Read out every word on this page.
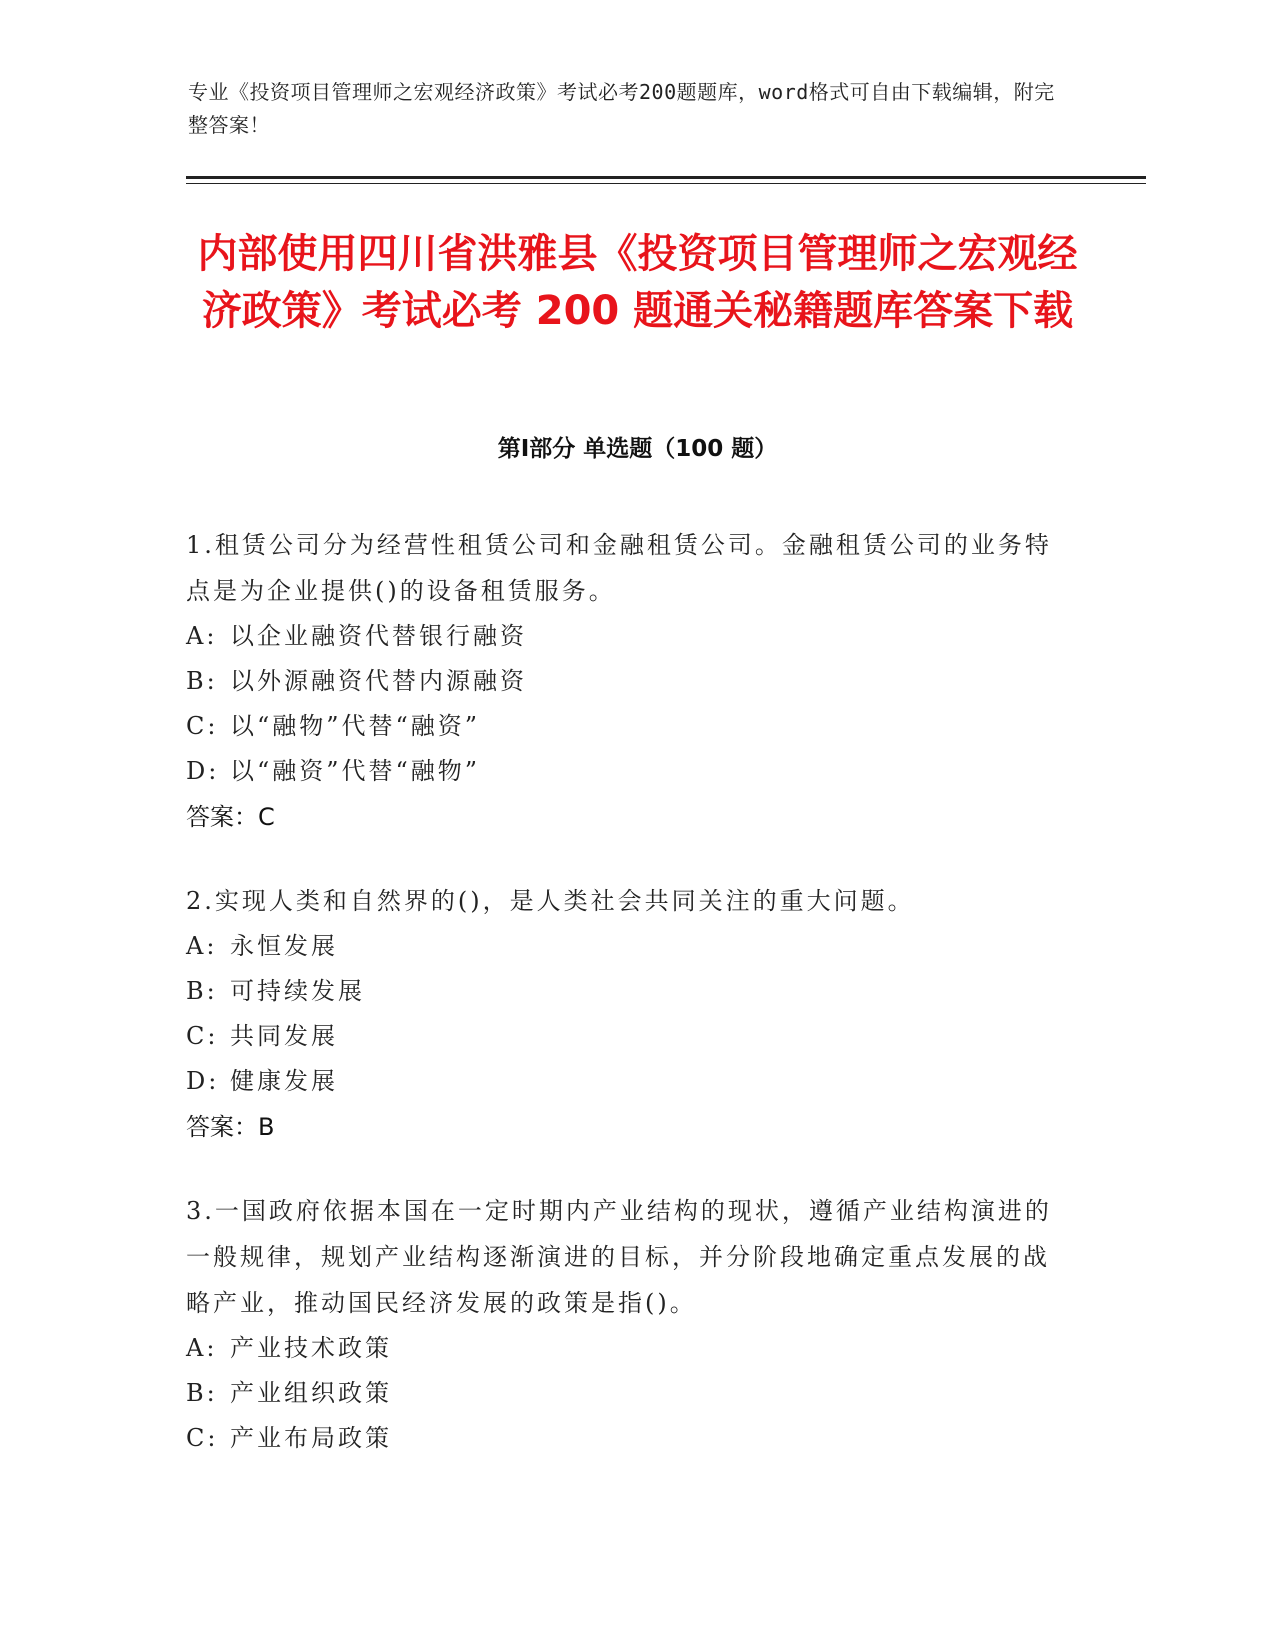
专业《投资项目管理师之宏观经济政策》考试必考200题题库，word格式可自由下载编辑，附完整答案！
内部使用四川省洪雅县《投资项目管理师之宏观经济政策》考试必考 200 题通关秘籍题库答案下载
第Ⅰ部分 单选题（100 题）
1.租赁公司分为经营性租赁公司和金融租赁公司。金融租赁公司的业务特点是为企业提供()的设备租赁服务。
A: 以企业融资代替银行融资
B: 以外源融资代替内源融资
C: 以“融物”代替“融资”
D: 以“融资”代替“融物”
答案：C
2.实现人类和自然界的()，是人类社会共同关注的重大问题。
A: 永恒发展
B: 可持续发展
C: 共同发展
D: 健康发展
答案：B
3.一国政府依据本国在一定时期内产业结构的现状，遵循产业结构演进的一般规律，规划产业结构逐渐演进的目标，并分阶段地确定重点发展的战略产业，推动国民经济发展的政策是指()。
A: 产业技术政策
B: 产业组织政策
C: 产业布局政策
